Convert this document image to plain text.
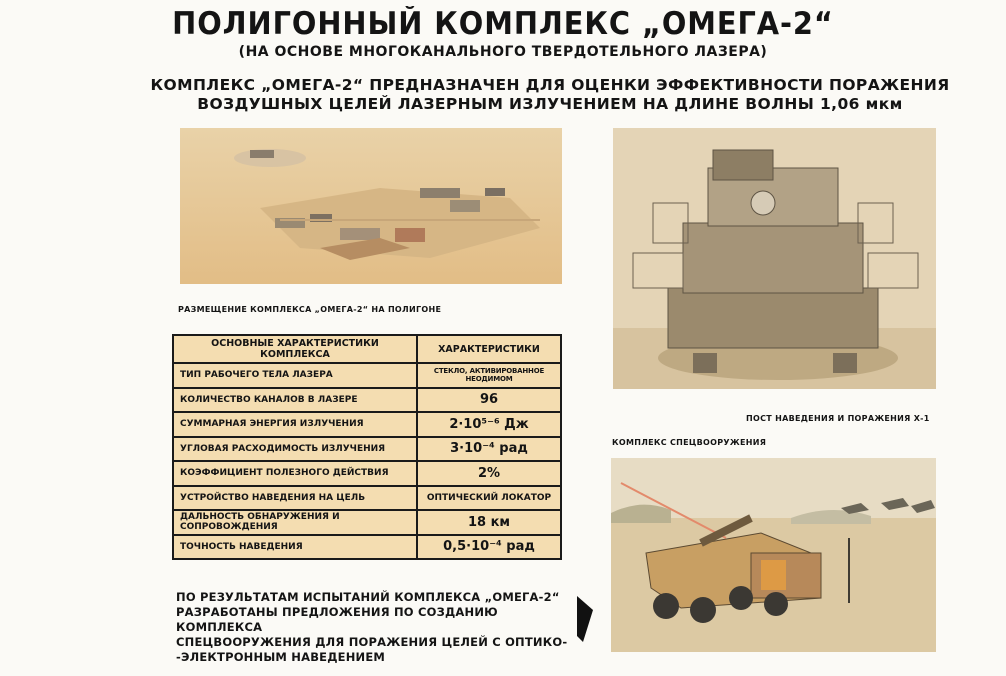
ПОЛИГОННЫЙ КОМПЛЕКС „ОМЕГА-2“
(НА ОСНОВЕ МНОГОКАНАЛЬНОГО ТВЕРДОТЕЛЬНОГО ЛАЗЕРА)
КОМПЛЕКС „ОМЕГА-2“ ПРЕДНАЗНАЧЕН ДЛЯ ОЦЕНКИ ЭФФЕКТИВНОСТИ ПОРАЖЕНИЯ
ВОЗДУШНЫХ ЦЕЛЕЙ ЛАЗЕРНЫМ ИЗЛУЧЕНИЕМ НА ДЛИНЕ ВОЛНЫ 1,06 мкм
РАЗМЕЩЕНИЕ КОМПЛЕКСА „ОМЕГА-2“ НА ПОЛИГОНЕ
ПОСТ НАВЕДЕНИЯ И ПОРАЖЕНИЯ Х-1
КОМПЛЕКС СПЕЦВООРУЖЕНИЯ
ОСНОВНЫЕ ХАРАКТЕРИСТИКИ КОМПЛЕКСА	ХАРАКТЕРИСТИКИ
ТИП РАБОЧЕГО ТЕЛА ЛАЗЕРА	СТЕКЛО, АКТИВИРОВАННОЕ НЕОДИМОМ
КОЛИЧЕСТВО КАНАЛОВ В ЛАЗЕРЕ	96
СУММАРНАЯ ЭНЕРГИЯ ИЗЛУЧЕНИЯ	2·10⁵⁻⁶ Дж
УГЛОВАЯ РАСХОДИМОСТЬ ИЗЛУЧЕНИЯ	3·10⁻⁴ рад
КОЭФФИЦИЕНТ ПОЛЕЗНОГО ДЕЙСТВИЯ	2%
УСТРОЙСТВО НАВЕДЕНИЯ НА ЦЕЛЬ	ОПТИЧЕСКИЙ ЛОКАТОР
ДАЛЬНОСТЬ ОБНАРУЖЕНИЯ И СОПРОВОЖДЕНИЯ	18 км
ТОЧНОСТЬ НАВЕДЕНИЯ	0,5·10⁻⁴ рад
ПО РЕЗУЛЬТАТАМ ИСПЫТАНИЙ КОМПЛЕКСА „ОМЕГА-2“
РАЗРАБОТАНЫ ПРЕДЛОЖЕНИЯ ПО СОЗДАНИЮ КОМПЛЕКСА
СПЕЦВООРУЖЕНИЯ ДЛЯ ПОРАЖЕНИЯ ЦЕЛЕЙ С ОПТИКО-
-ЭЛЕКТРОННЫМ НАВЕДЕНИЕМ
